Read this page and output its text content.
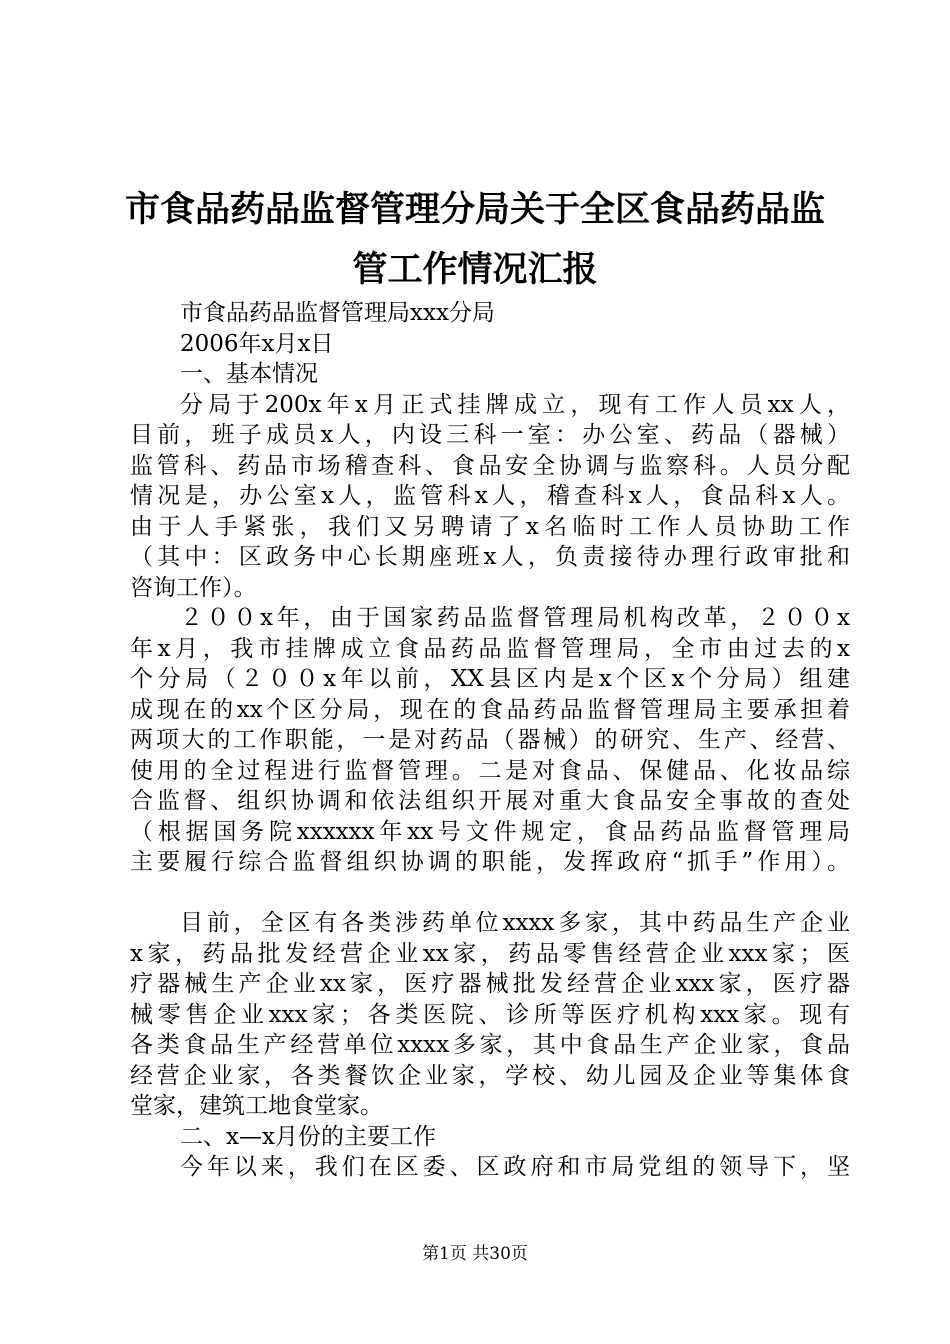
市食品药品监督管理分局关于全区食品药品监
管工作情况汇报
市食品药品监督管理局xxx分局
2006年x月x日
一、基本情况
分局于200x年x月正式挂牌成立，现有工作人员xx人，
目前，班子成员x人，内设三科一室：办公室、药品（器械）
监管科、药品市场稽查科、食品安全协调与监察科。人员分配
情况是，办公室x人，监管科x人，稽查科x人，食品科x人。
由于人手紧张，我们又另聘请了x名临时工作人员协助工作
（其中：区政务中心长期座班x人，负责接待办理行政审批和
咨询工作）。
２００x年，由于国家药品监督管理局机构改革，２００x
年x月，我市挂牌成立食品药品监督管理局，全市由过去的x
个分局（２００x年以前，XX县区内是x个区x个分局）组建
成现在的xx个区分局，现在的食品药品监督管理局主要承担着
两项大的工作职能，一是对药品（器械）的研究、生产、经营、
使用的全过程进行监督管理。二是对食品、保健品、化妆品综
合监督、组织协调和依法组织开展对重大食品安全事故的查处
（根据国务院xxxxxx年xx号文件规定，食品药品监督管理局
主要履行综合监督组织协调的职能，发挥政府“抓手”作用）。
目前，全区有各类涉药单位xxxx多家，其中药品生产企业
x家，药品批发经营企业xx家，药品零售经营企业xxx家；医
疗器械生产企业xx家，医疗器械批发经营企业xxx家，医疗器
械零售企业xxx家；各类医院、诊所等医疗机构xxx家。现有
各类食品生产经营单位xxxx多家，其中食品生产企业家，食品
经营企业家，各类餐饮企业家，学校、幼儿园及企业等集体食
堂家，建筑工地食堂家。
二、x—x月份的主要工作
今年以来，我们在区委、区政府和市局党组的领导下，坚
第1页 共30页
